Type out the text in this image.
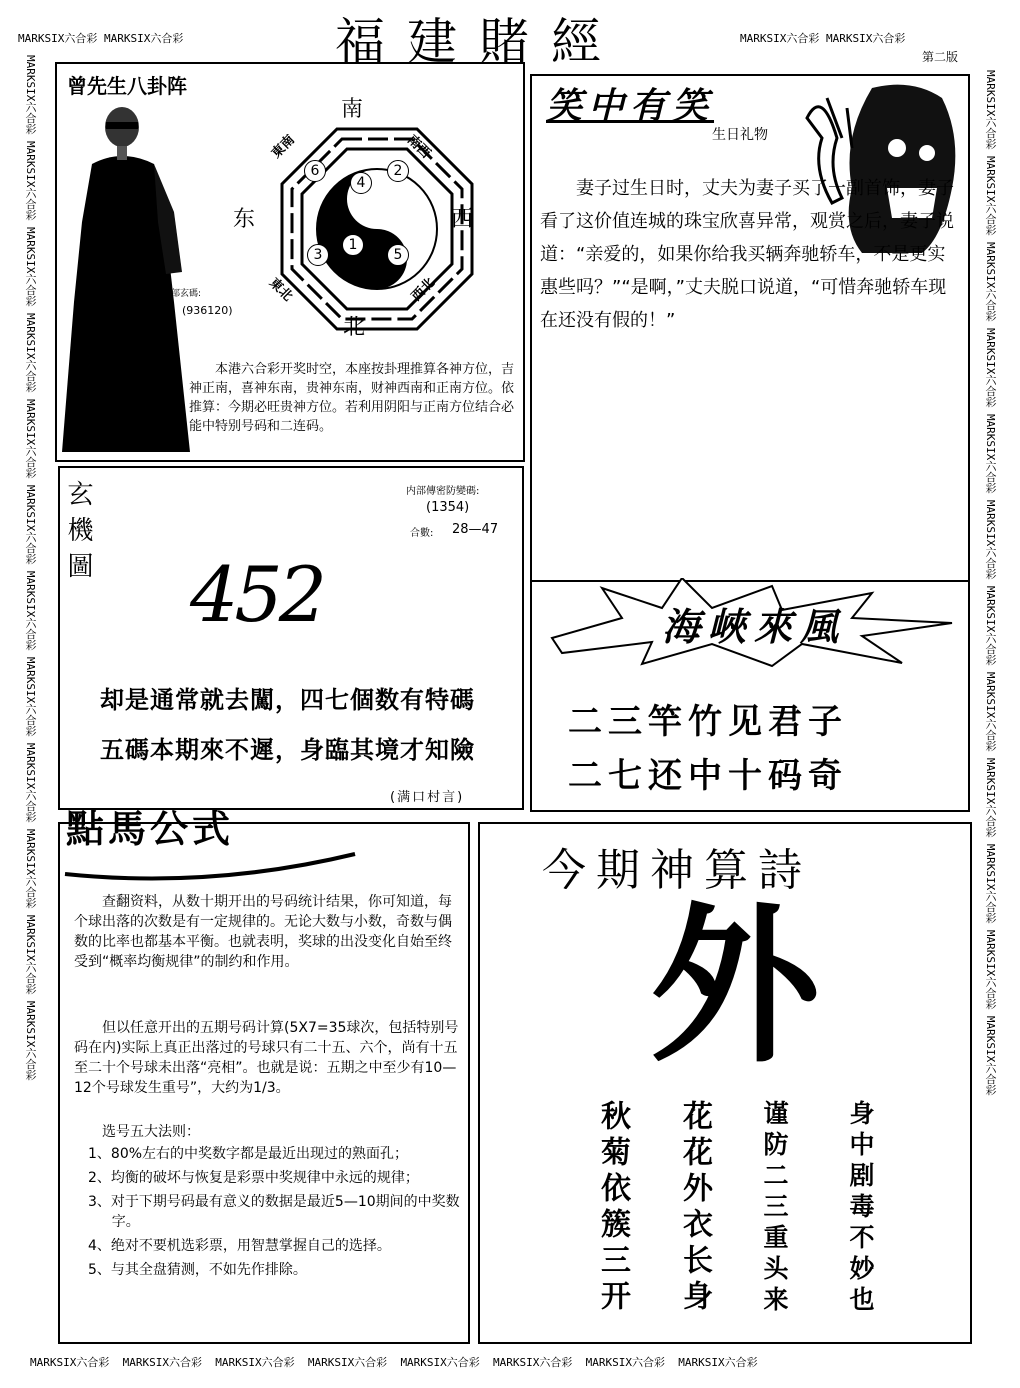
MARKSIX六合彩 MARKSIX六合彩	MARKSIX六合彩 MARKSIX六合彩
MARKSIX六合彩 MARKSIX六合彩 MARKSIX六合彩 MARKSIX六合彩 MARKSIX六合彩 MARKSIX六合彩 MARKSIX六合彩 MARKSIX六合彩 MARKSIX六合彩 MARKSIX六合彩 MARKSIX六合彩 MARKSIX六合彩
MARKSIX六合彩 MARKSIX六合彩 MARKSIX六合彩 MARKSIX六合彩 MARKSIX六合彩 MARKSIX六合彩 MARKSIX六合彩 MARKSIX六合彩 MARKSIX六合彩 MARKSIX六合彩 MARKSIX六合彩 MARKSIX六合彩
MARKSIX六合彩 MARKSIX六合彩 MARKSIX六合彩 MARKSIX六合彩 MARKSIX六合彩 MARKSIX六合彩 MARKSIX六合彩 MARKSIX六合彩
福建賭經	第二版
曾先生八卦阵
内部玄碼:
(936120)
南
北
东	西
東南	南西
東北	西北
6
4
2
3
1
5
本港六合彩开奖时空，本座按卦理推算各神方位，吉神正南，喜神东南，贵神东南，财神西南和正南方位。依推算：今期必旺贵神方位。若利用阴阳与正南方位结合必能中特别号码和二连码。
笑中有笑
生日礼物
妻子过生日时，丈夫为妻子买了一副首饰，妻子看了这价值连城的珠宝欣喜异常，观赏之后，妻子说道：“亲爱的，如果你给我买辆奔驰轿车，不是更实惠些吗？”“是啊，”丈夫脱口说道，“可惜奔驰轿车现在还没有假的！”
玄機圖	内部傳密防變碼:
(1354)
合數: 28—47
452
却是通常就去闖，四七個数有特碼
五碼本期來不遲，身臨其境才知險
(满口村言)
海峽來風
二三竿竹见君子
二七还中十码奇
點馬公式
查翻资料，从数十期开出的号码统计结果，你可知道，每个球出落的次数是有一定规律的。无论大数与小数，奇数与偶数的比率也都基本平衡。也就表明，奖球的出没变化自始至终受到“概率均衡规律”的制约和作用。
但以任意开出的五期号码计算(5X7=35球次，包括特别号码在内)实际上真正出落过的号球只有二十五、六个，尚有十五至二十个号球未出落“亮相”。也就是说：五期之中至少有10—12个号球发生重号”，大约为1/3。
选号五大法则：
1、80%左右的中奖数字都是最近出现过的熟面孔；
2、均衡的破坏与恢复是彩票中奖规律中永远的规律；
3、对于下期号码最有意义的数据是最近5—10期间的中奖数字。
4、绝对不要机选彩票，用智慧掌握自己的选择。
5、与其全盘猜测，不如先作排除。
今期神算詩
外
秋菊依簇三开 花花外衣长身 谨防二三重头来 身中剧毒不妙也
